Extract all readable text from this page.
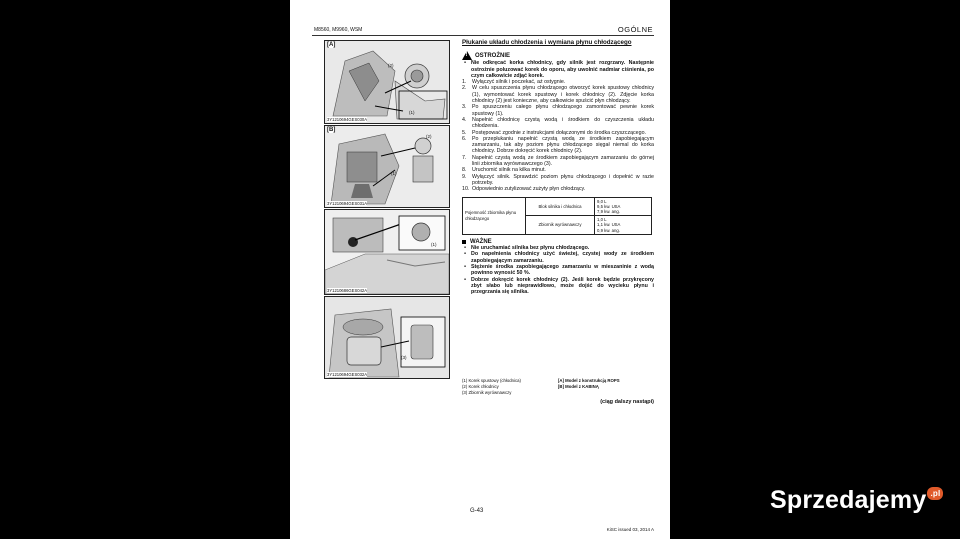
M8560, M9960, WSM	OGÓLNE
[A]
(2)
(1)
3Y1210694GES030A
[B]
(2)
(1)
3Y1210694GES031A
(1)
3Y1210686GES042A
(3)
3Y1210694GES032A
Płukanie układu chłodzenia i wymiana płynu chłodzącego
!
OSTROŻNIE
• Nie odkręcać korka chłodnicy, gdy silnik jest rozgrzany. Następnie ostrożnie poluzować korek do oporu, aby uwolnić nadmiar ciśnienia, po czym całkowicie zdjąć korek.
1.	Wyłączyć silnik i poczekać, aż ostygnie.
2.	W celu spuszczenia płynu chłodzącego otworzyć korek spustowy chłodnicy (1), wymontować korek spustowy i korek chłodnicy (2). Zdjęcie korka chłodnicy (2) jest konieczne, aby całkowicie spuścić płyn chłodzący.
3.	Po spuszczeniu całego płynu chłodzącego zamontować pewnie korek spustowy (1).
4.	Napełnić chłodnicę czystą wodą i środkiem do czyszczenia układu chłodzenia.
5.	Postępować zgodnie z instrukcjami dołączonymi do środka czyszczącego.
6.	Po przepłukaniu napełnić czystą wodą ze środkiem zapobiegającym zamarzaniu, tak aby poziom płynu chłodzącego sięgał niemal do korka chłodnicy. Dobrze dokręcić korek chłodnicy (2).
7.	Napełnić czystą wodą ze środkiem zapobiegającym zamarzaniu do górnej linii zbiornika wyrównawczego (3).
8.	Uruchomić silnik na kilka minut.
9.	Wyłączyć silnik. Sprawdzić poziom płynu chłodzącego i dopełnić w razie potrzeby.
10. Odpowiednio zutylizować zużyty płyn chłodzący.
Pojemność zbiornika płynu chłodzącego	Blok silnika i chłodnica	9,0 L
9,5 kw. USA
7,9 kw. ang.

	Zbiornik wyrównawczy	1,0 L
1,1 kw. USA
0,9 kw. ang.
WAŻNE
• Nie uruchamiać silnika bez płynu chłodzącego.
• Do napełnienia chłodnicy użyć świeżej, czystej wody ze środkiem zapobiegającym zamarzaniu.
• Stężenie środka zapobiegającego zamarzaniu w mieszaninie z wodą powinno wynosić 50 %.
• Dobrze dokręcić korek chłodnicy (2). Jeśli korek będzie przykręcony zbyt słabo lub nieprawidłowo, może dojść do wycieku płynu i przegrzania się silnika.
(1) Korek spustowy (chłodnica)
(2) Korek chłodnicy
(3) Zbiornik wyrównawczy
[A] Model z konstrukcją ROPS
[B] Model z KABINĄ
(ciąg dalszy nastąpi)
G-43
KiSC issued 03, 2014 A
Sprzedajemy .pl
